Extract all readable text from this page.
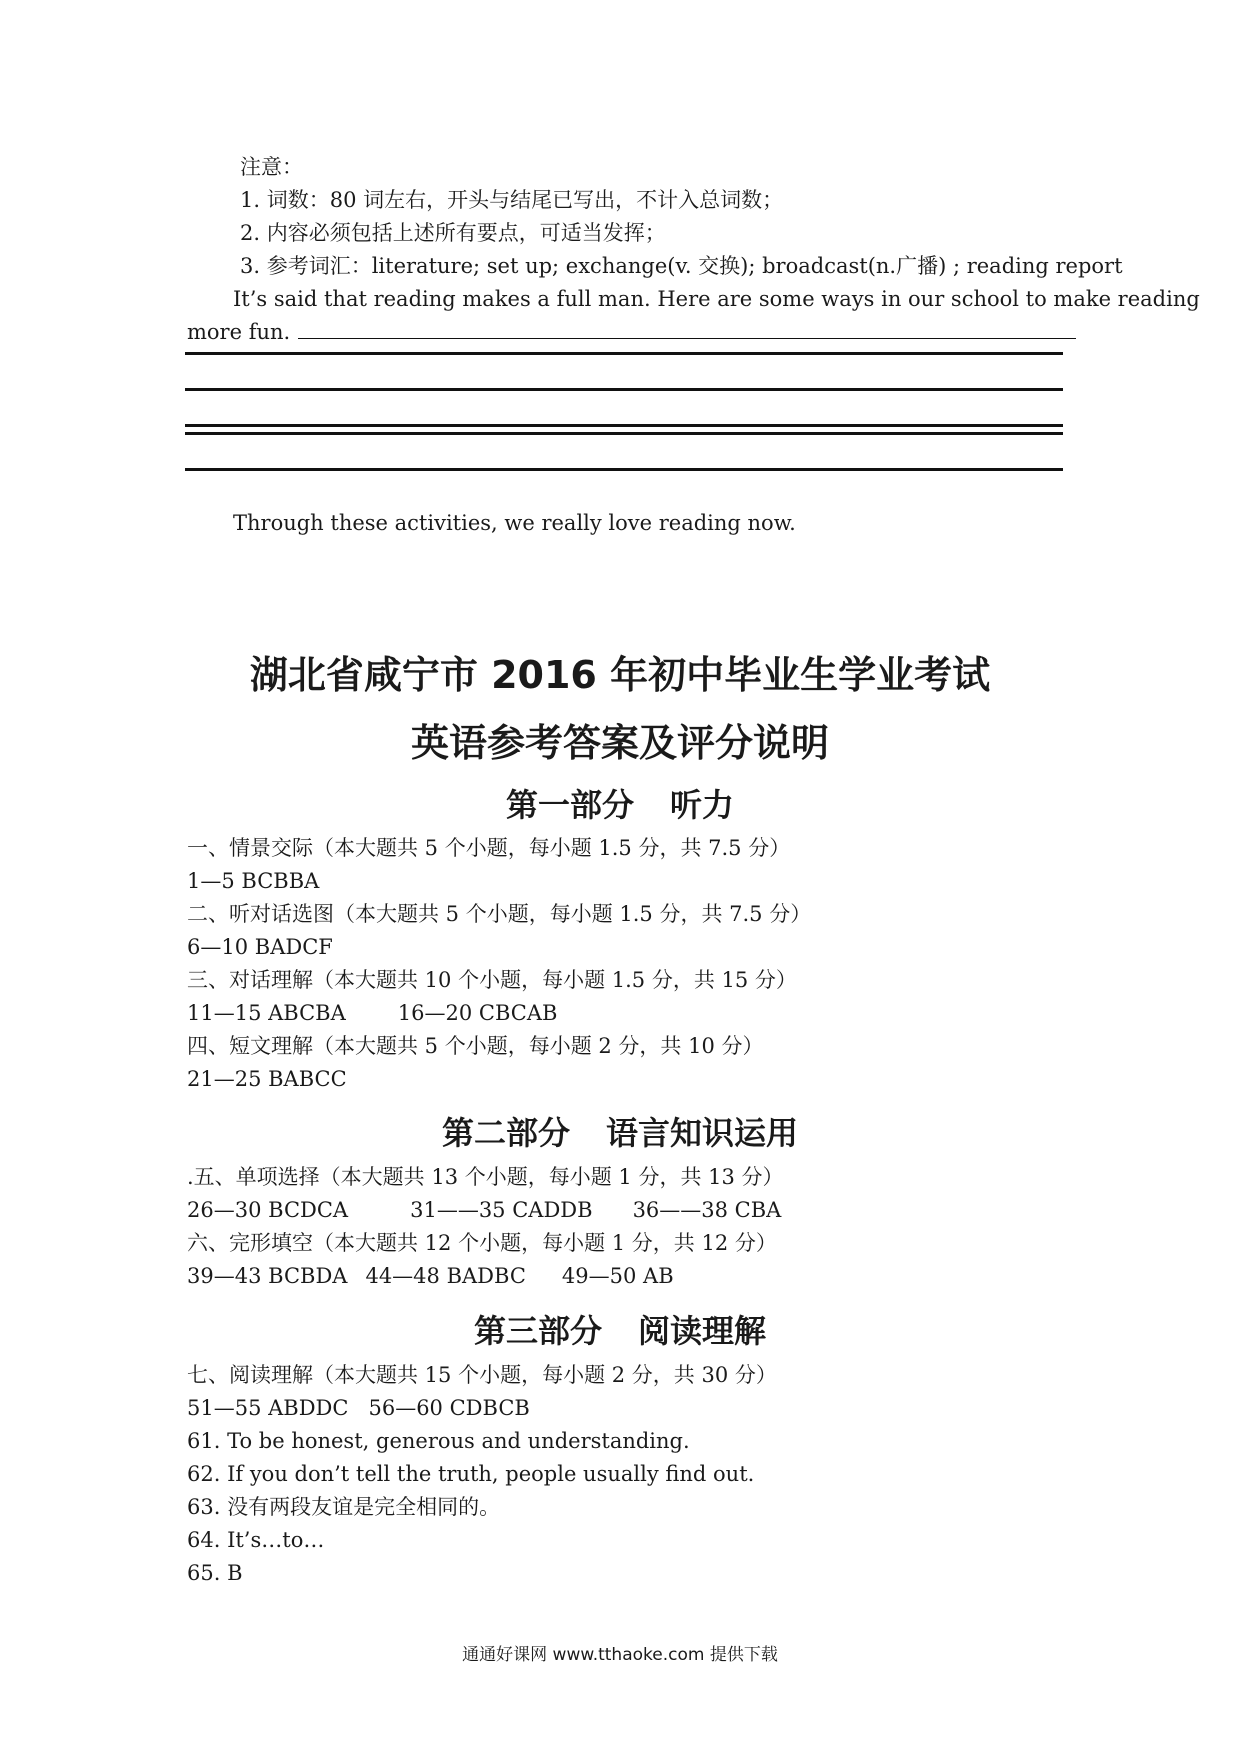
注意：
1. 词数：80 词左右，开头与结尾已写出，不计入总词数；
2. 内容必须包括上述所有要点，可适当发挥；
3. 参考词汇：literature; set up; exchange(v. 交换); broadcast(n.广播) ; reading report
It’s said that reading makes a full man. Here are some ways in our school to make reading
more fun.
Through these activities, we really love reading now.
湖北省咸宁市 2016 年初中毕业生学业考试
英语参考答案及评分说明
第一部分 听力
一、情景交际（本大题共 5 个小题，每小题 1.5 分，共 7.5 分）
1—5 BCBBA
二、听对话选图（本大题共 5 个小题，每小题 1.5 分，共 7.5 分）
6—10 BADCF
三、对话理解（本大题共 10 个小题，每小题 1.5 分，共 15 分）
11—15 ABCBA 16—20 CBCAB
四、短文理解（本大题共 5 个小题，每小题 2 分，共 10 分）
21—25 BABCC
第二部分 语言知识运用
.五、单项选择（本大题共 13 个小题，每小题 1 分，共 13 分）
26—30 BCDCA	31——35 CADDB 36——38 CBA
六、完形填空（本大题共 12 个小题，每小题 1 分，共 12 分）
39—43 BCBDA 44—48 BADBC 49—50 AB
第三部分 阅读理解
七、阅读理解（本大题共 15 个小题，每小题 2 分，共 30 分）
51—55 ABDDC 56—60 CDBCB
61. To be honest, generous and understanding.
62. If you don’t tell the truth, people usually find out.
63. 没有两段友谊是完全相同的。
64. It’s…to…
65. B
通通好课网 www.tthaoke.com 提供下载
